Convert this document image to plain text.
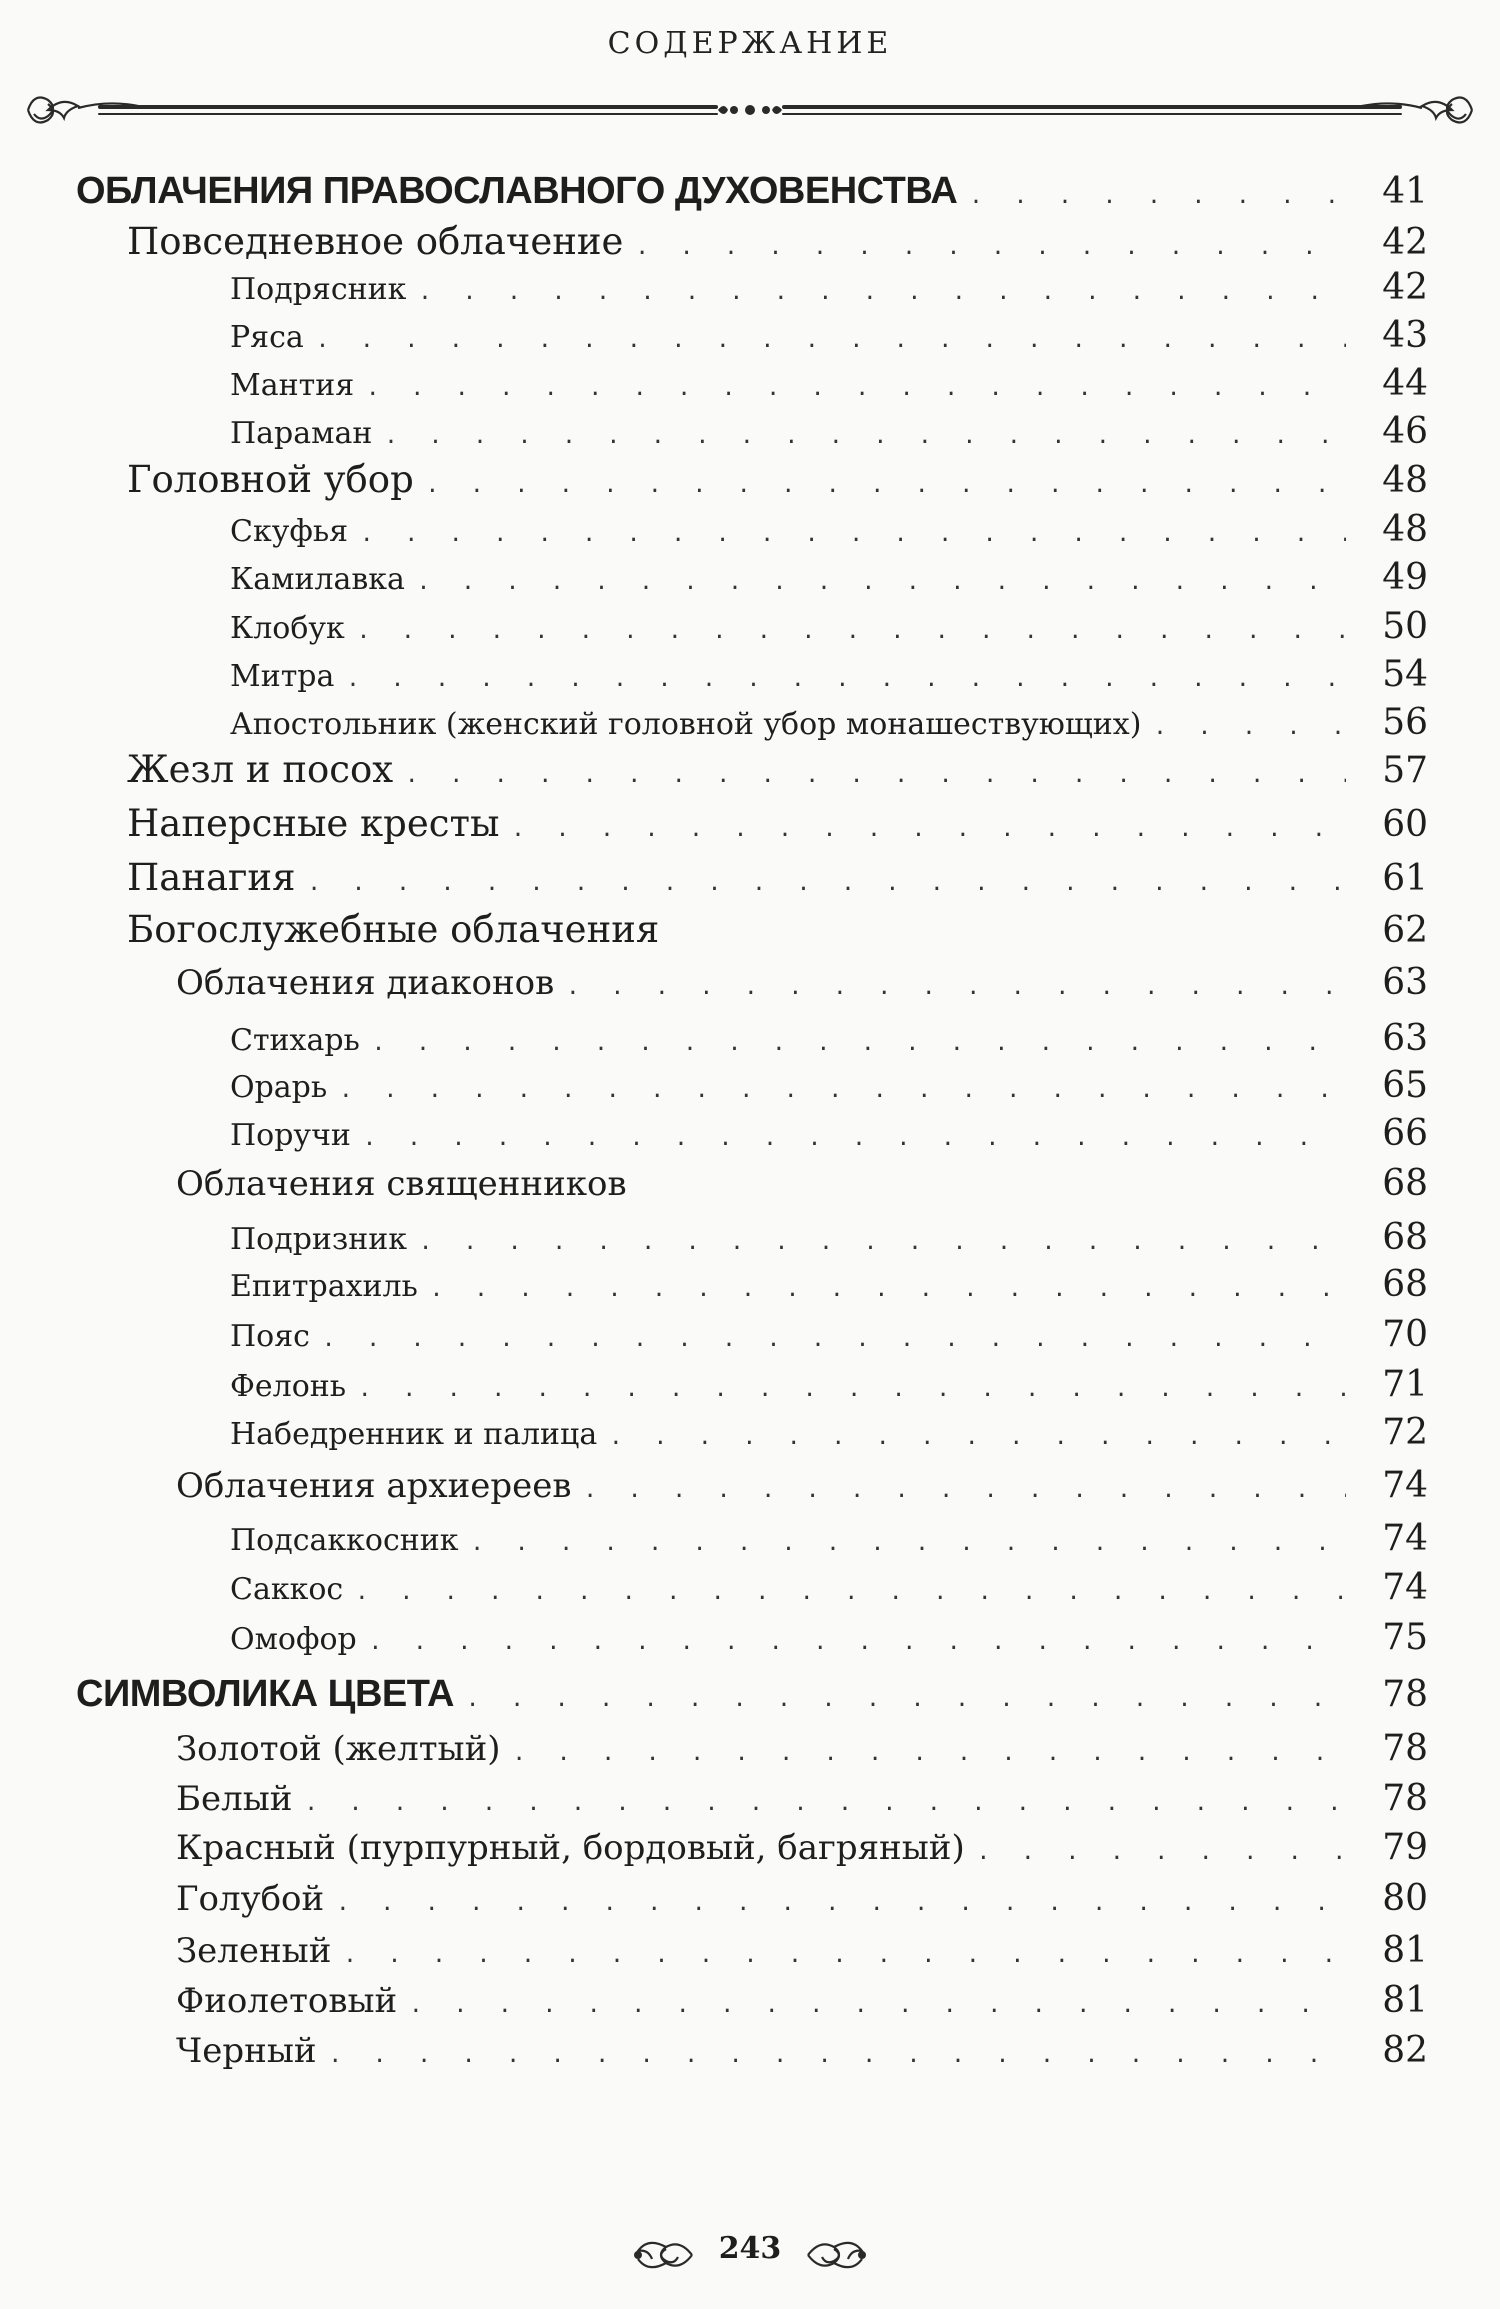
СОДЕРЖАНИЕ
ОБЛАЧЕНИЯ ПРАВОСЛАВНОГО ДУХОВЕНСТВА . . .	41
Повседневное облачение . . .	42
Подрясник . . .	42
Ряса . . .	43
Мантия . . .	44
Параман . . .	46
Головной убор . . .	48
Скуфья . . .	48
Камилавка . . .	49
Клобук . . .	50
Митра . . .	54
Апостольник (женский головной убор монашествующих) . . .	56
Жезл и посох . . .	57
Наперсные кресты . . .	60
Панагия . . .	61
Богослужебные облачения	62
Облачения диаконов . . .	63
Стихарь . . .	63
Орарь . . .	65
Поручи . . .	66
Облачения священников	68
Подризник . . .	68
Епитрахиль . . .	68
Пояс . . .	70
Фелонь . . .	71
Набедренник и палица . . .	72
Облачения архиереев . . .	74
Подсаккосник . . .	74
Саккос . . .	74
Омофор . . .	75
СИМВОЛИКА ЦВЕТА . . .	78
Золотой (желтый) . . .	78
Белый . . .	78
Красный (пурпурный, бордовый, багряный) . . .	79
Голубой . . .	80
Зеленый . . .	81
Фиолетовый . . .	81
Черный . . .	82
243
